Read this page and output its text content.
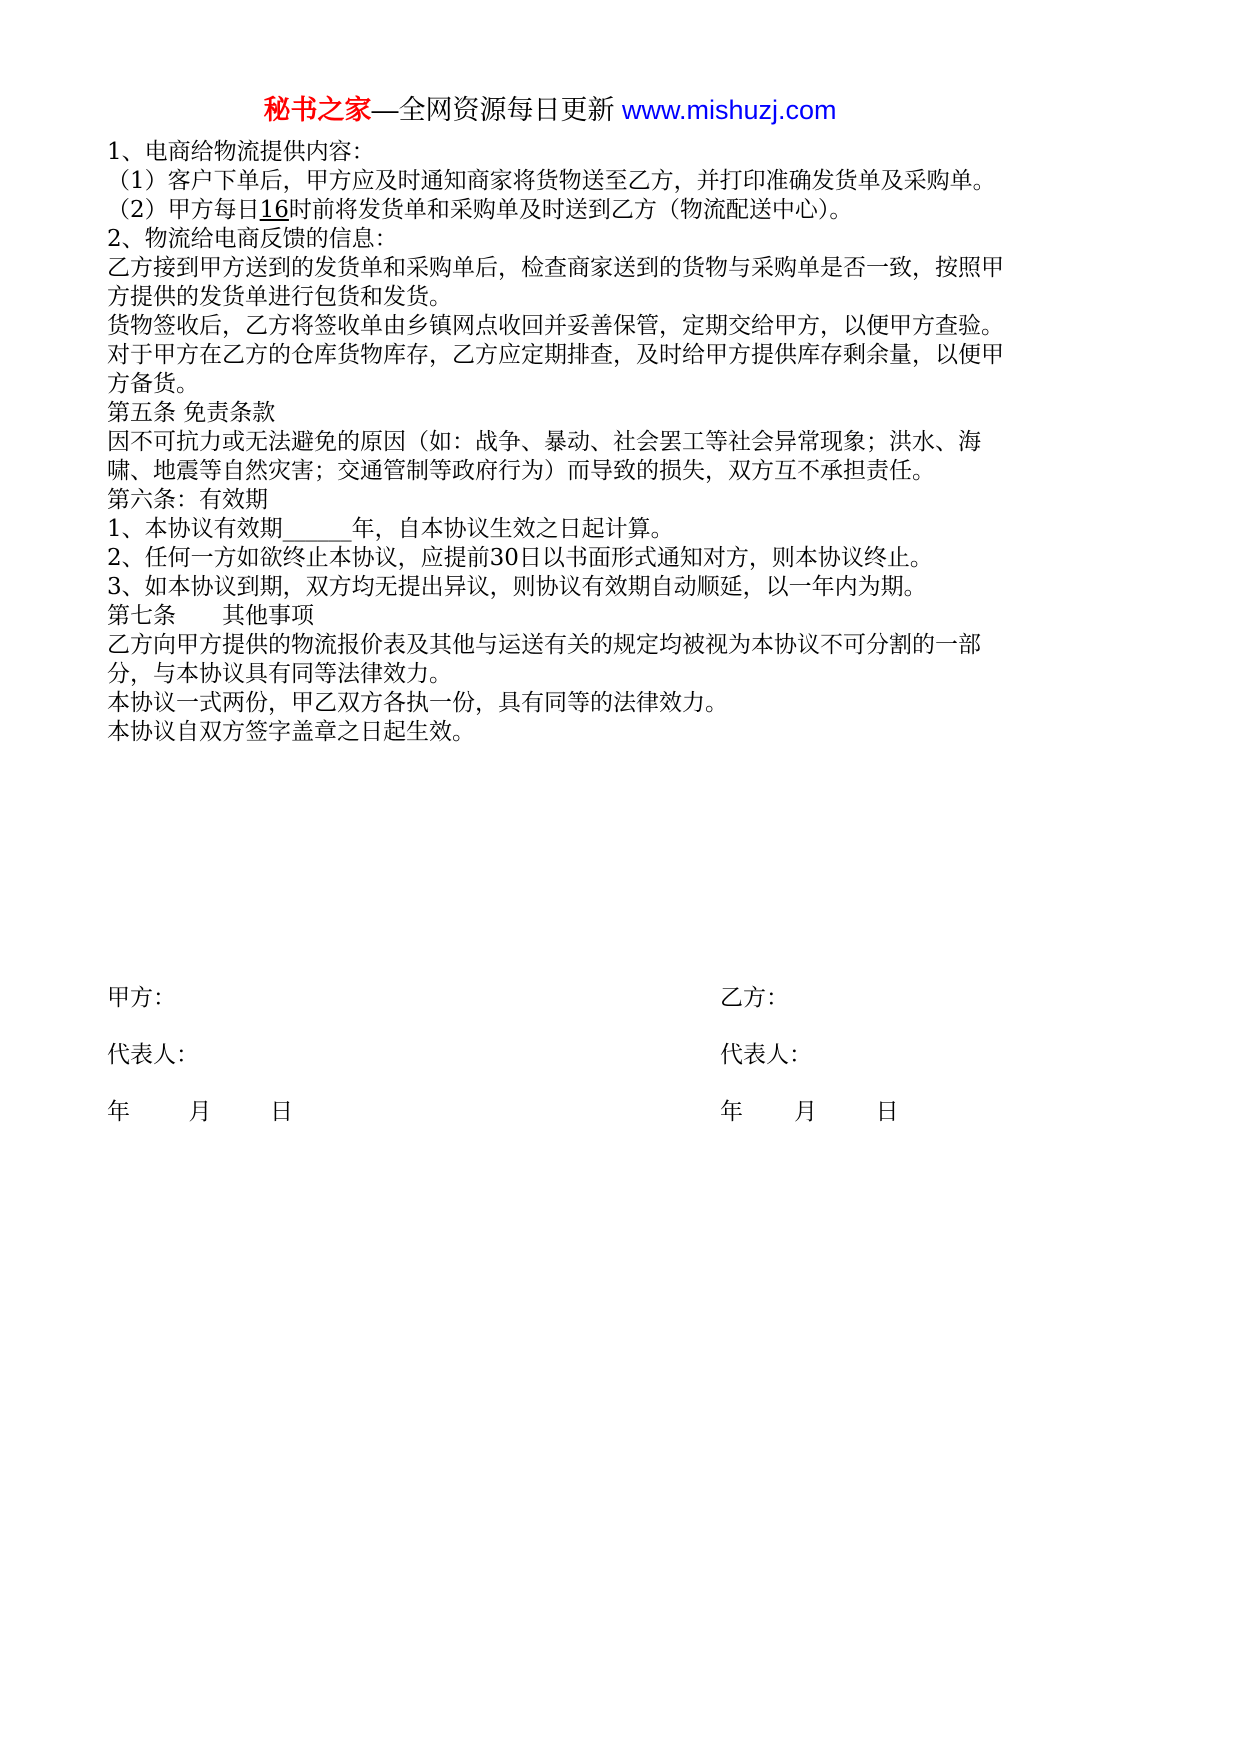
秘书之家—全网资源每日更新 www.mishuzj.com

1、电商给物流提供内容：

（1）客户下单后，甲方应及时通知商家将货物送至乙方，并打印准确发货单及采购单。

（2）甲方每日16时前将发货单和采购单及时送到乙方（物流配送中心）。

2、物流给电商反馈的信息：

乙方接到甲方送到的发货单和采购单后，检查商家送到的货物与采购单是否一致，按照甲方提供的发货单进行包货和发货。

货物签收后，乙方将签收单由乡镇网点收回并妥善保管，定期交给甲方，以便甲方查验。

对于甲方在乙方的仓库货物库存，乙方应定期排查，及时给甲方提供库存剩余量，以便甲方备货。

第五条 免责条款

因不可抗力或无法避免的原因（如：战争、暴动、社会罢工等社会异常现象；洪水、海啸、地震等自然灾害；交通管制等政府行为）而导致的损失，双方互不承担责任。

第六条：有效期

1、本协议有效期______年，自本协议生效之日起计算。

2、任何一方如欲终止本协议，应提前30日以书面形式通知对方，则本协议终止。

3、如本协议到期，双方均无提出异议，则协议有效期自动顺延，以一年内为期。

第七条　　其他事项

乙方向甲方提供的物流报价表及其他与运送有关的规定均被视为本协议不可分割的一部分，与本协议具有同等法律效力。

本协议一式两份，甲乙双方各执一份，具有同等的法律效力。

本协议自双方签字盖章之日起生效。

甲方：	乙方：
代表人：	代表人：
年        月        日	年       月        日
